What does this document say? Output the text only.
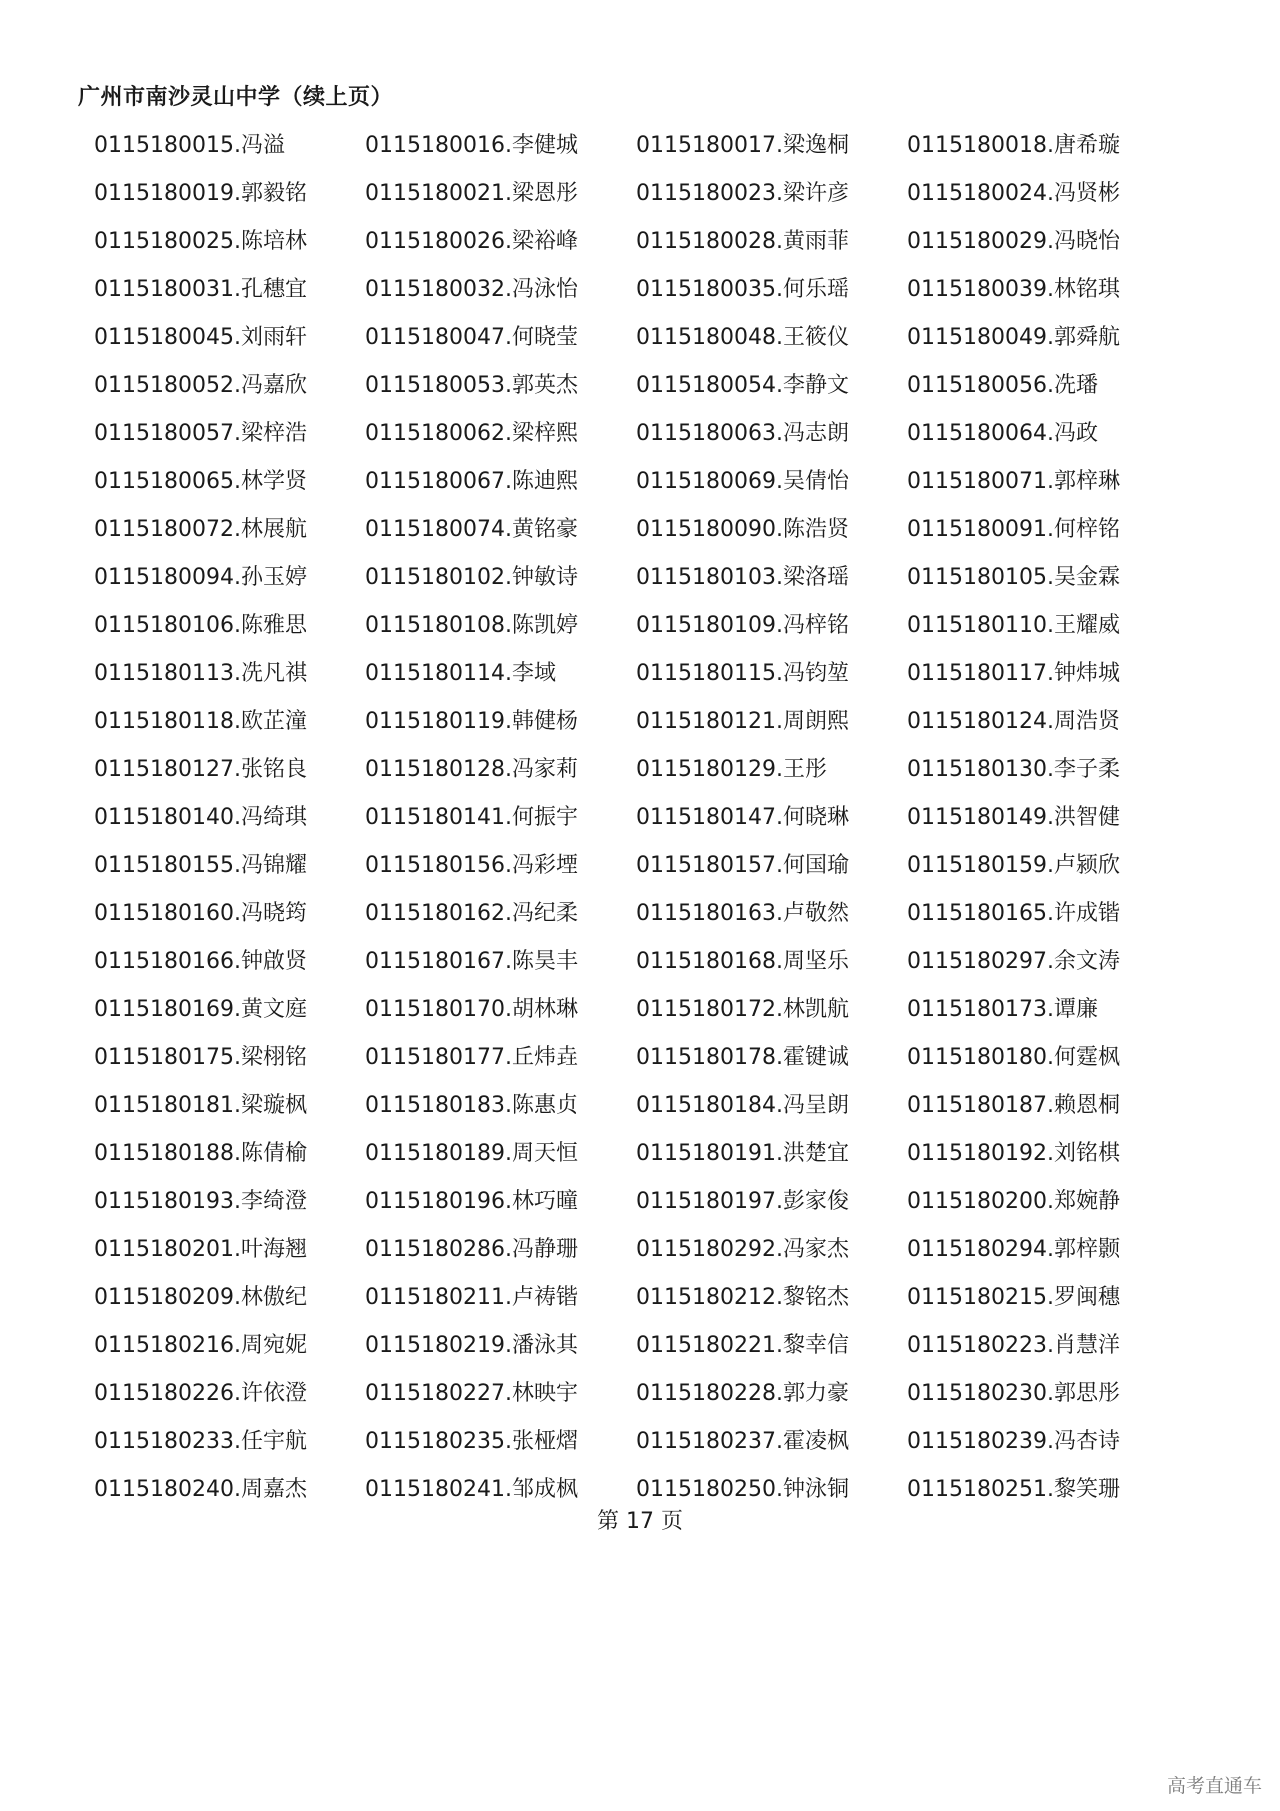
广州市南沙灵山中学（续上页）
0115180015.冯溢	0115180016.李健城	0115180017.梁逸桐	0115180018.唐希璇
0115180019.郭毅铭	0115180021.梁恩彤	0115180023.梁许彦	0115180024.冯贤彬
0115180025.陈培林	0115180026.梁裕峰	0115180028.黄雨菲	0115180029.冯晓怡
0115180031.孔穗宜	0115180032.冯泳怡	0115180035.何乐瑶	0115180039.林铭琪
0115180045.刘雨轩	0115180047.何晓莹	0115180048.王筱仪	0115180049.郭舜航
0115180052.冯嘉欣	0115180053.郭英杰	0115180054.李静文	0115180056.冼璠
0115180057.梁梓浩	0115180062.梁梓熙	0115180063.冯志朗	0115180064.冯政
0115180065.林学贤	0115180067.陈迪熙	0115180069.吴倩怡	0115180071.郭梓琳
0115180072.林展航	0115180074.黄铭豪	0115180090.陈浩贤	0115180091.何梓铭
0115180094.孙玉婷	0115180102.钟敏诗	0115180103.梁洛瑶	0115180105.吴金霖
0115180106.陈雅思	0115180108.陈凯婷	0115180109.冯梓铭	0115180110.王耀威
0115180113.冼凡祺	0115180114.李域	0115180115.冯钧堃	0115180117.钟炜城
0115180118.欧芷潼	0115180119.韩健杨	0115180121.周朗熙	0115180124.周浩贤
0115180127.张铭良	0115180128.冯家莉	0115180129.王彤	0115180130.李子柔
0115180140.冯绮琪	0115180141.何振宇	0115180147.何晓琳	0115180149.洪智健
0115180155.冯锦耀	0115180156.冯彩堙	0115180157.何国瑜	0115180159.卢颍欣
0115180160.冯晓筠	0115180162.冯纪柔	0115180163.卢敬然	0115180165.许成锴
0115180166.钟啟贤	0115180167.陈昊丰	0115180168.周坚乐	0115180297.余文涛
0115180169.黄文庭	0115180170.胡林琳	0115180172.林凯航	0115180173.谭廉
0115180175.梁栩铭	0115180177.丘炜垚	0115180178.霍键诚	0115180180.何霆枫
0115180181.梁璇枫	0115180183.陈惠贞	0115180184.冯呈朗	0115180187.赖恩桐
0115180188.陈倩榆	0115180189.周天恒	0115180191.洪楚宜	0115180192.刘铭棋
0115180193.李绮澄	0115180196.林巧曈	0115180197.彭家俊	0115180200.郑婉静
0115180201.叶海翘	0115180286.冯静珊	0115180292.冯家杰	0115180294.郭梓颢
0115180209.林傲纪	0115180211.卢祷锴	0115180212.黎铭杰	0115180215.罗闽穗
0115180216.周宛妮	0115180219.潘泳其	0115180221.黎幸信	0115180223.肖慧洋
0115180226.许依澄	0115180227.林映宇	0115180228.郭力豪	0115180230.郭思彤
0115180233.任宇航	0115180235.张桠熠	0115180237.霍凌枫	0115180239.冯杏诗
0115180240.周嘉杰	0115180241.邹成枫	0115180250.钟泳铜	0115180251.黎笑珊
第 17 页
高考直通车
